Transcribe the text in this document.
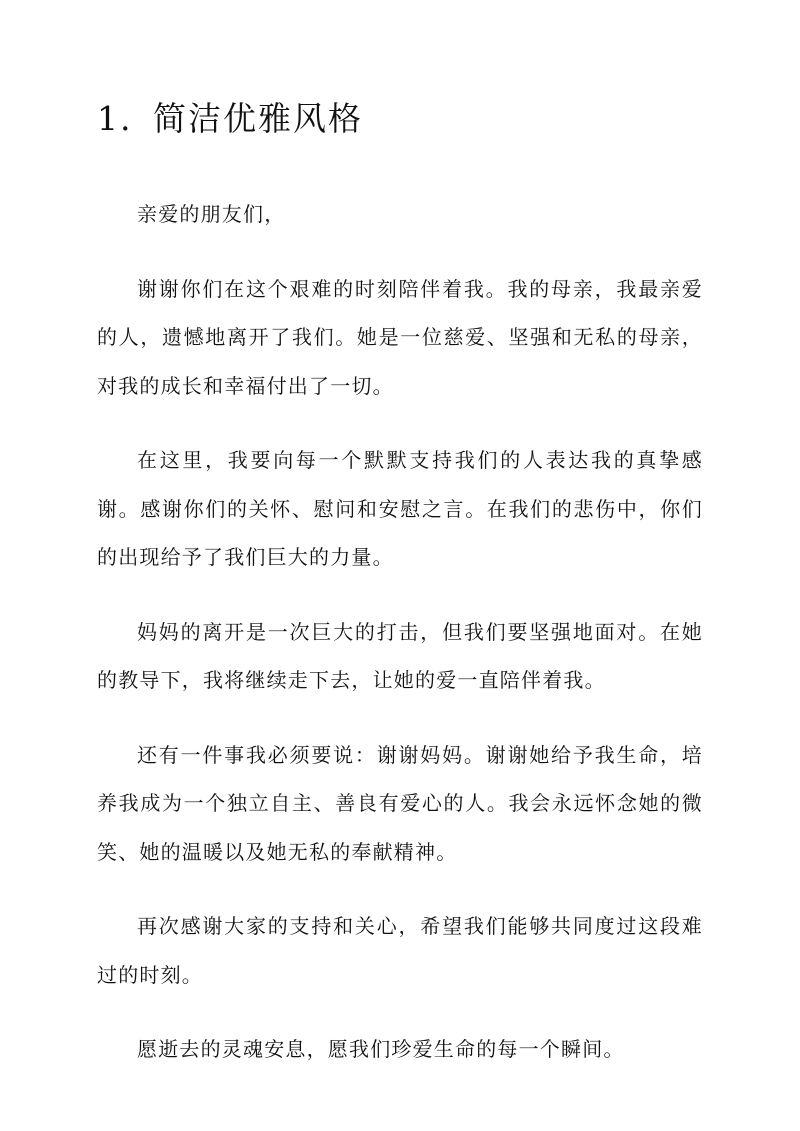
1. 简洁优雅风格

亲爱的朋友们，

谢谢你们在这个艰难的时刻陪伴着我。我的母亲，我最亲爱的人，遗憾地离开了我们。她是一位慈爱、坚强和无私的母亲，对我的成长和幸福付出了一切。

在这里，我要向每一个默默支持我们的人表达我的真挚感谢。感谢你们的关怀、慰问和安慰之言。在我们的悲伤中，你们的出现给予了我们巨大的力量。

妈妈的离开是一次巨大的打击，但我们要坚强地面对。在她的教导下，我将继续走下去，让她的爱一直陪伴着我。

还有一件事我必须要说：谢谢妈妈。谢谢她给予我生命，培养我成为一个独立自主、善良有爱心的人。我会永远怀念她的微笑、她的温暖以及她无私的奉献精神。

再次感谢大家的支持和关心，希望我们能够共同度过这段难过的时刻。

愿逝去的灵魂安息，愿我们珍爱生命的每一个瞬间。
